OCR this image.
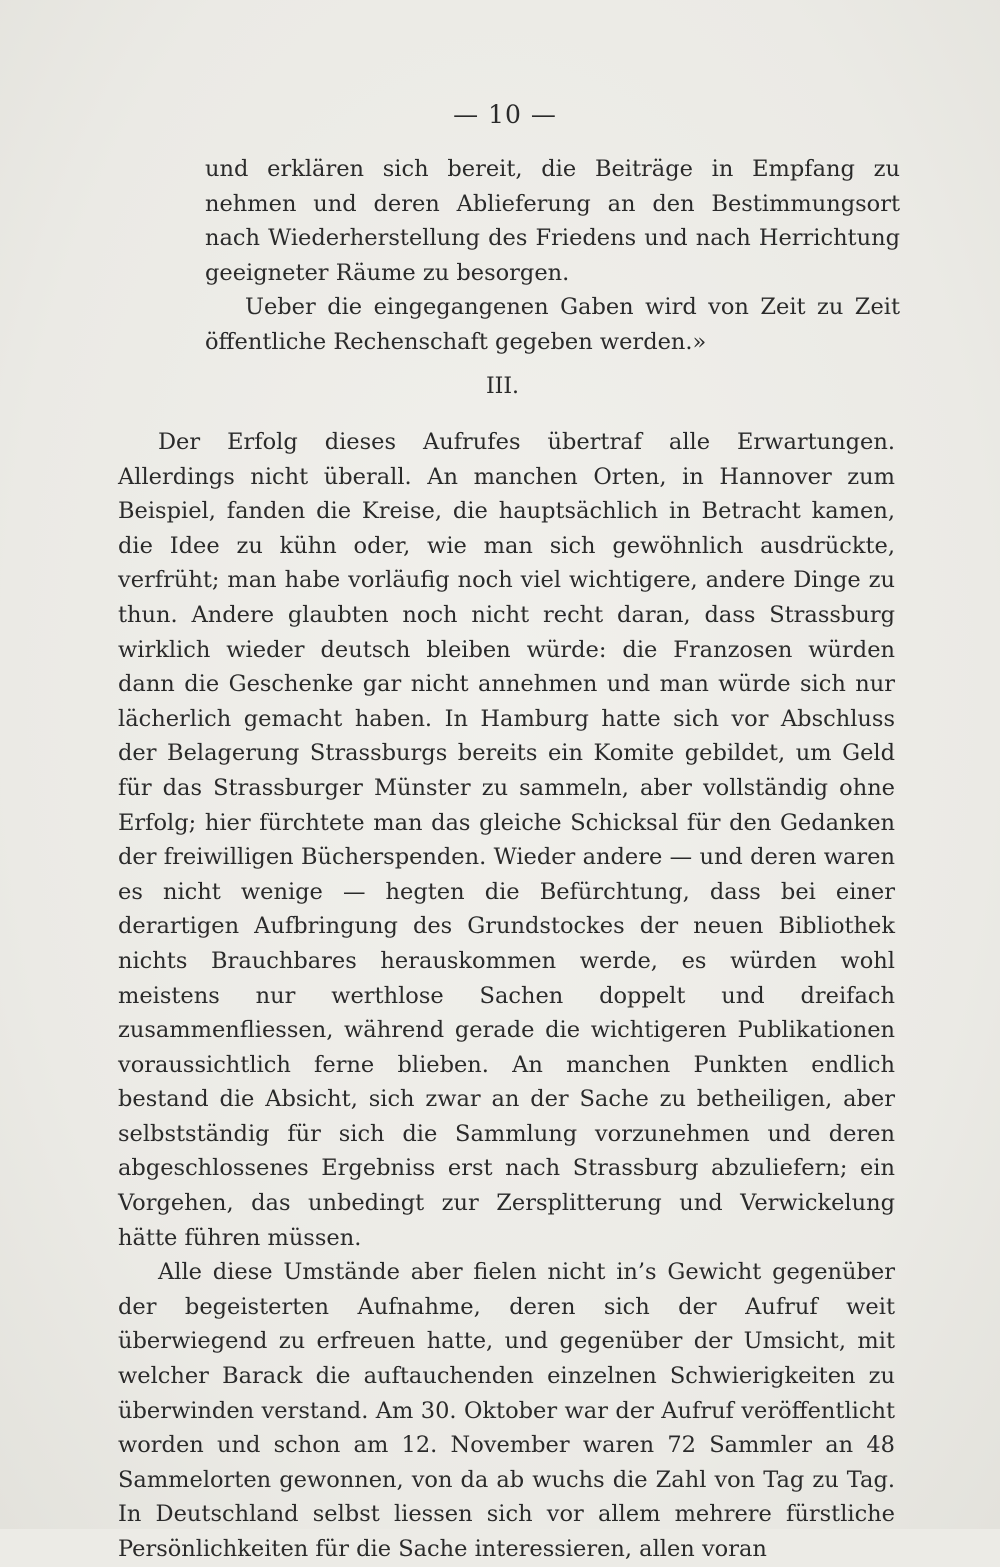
— 10 —

und erklären sich bereit, die Beiträge in Empfang zu nehmen und deren Ablieferung an den Bestimmungsort nach Wiederherstellung des Friedens und nach Herrichtung geeigneter Räume zu besorgen.

Ueber die eingegangenen Gaben wird von Zeit zu Zeit öffentliche Rechenschaft gegeben werden.»

III.

Der Erfolg dieses Aufrufes übertraf alle Erwartungen. Allerdings nicht überall. An manchen Orten, in Hannover zum Beispiel, fanden die Kreise, die hauptsächlich in Betracht kamen, die Idee zu kühn oder, wie man sich gewöhnlich ausdrückte, verfrüht; man habe vorläufig noch viel wichtigere, andere Dinge zu thun. Andere glaubten noch nicht recht daran, dass Strassburg wirklich wieder deutsch bleiben würde: die Franzosen würden dann die Geschenke gar nicht annehmen und man würde sich nur lächerlich gemacht haben. In Hamburg hatte sich vor Abschluss der Belagerung Strassburgs bereits ein Komite gebildet, um Geld für das Strassburger Münster zu sammeln, aber vollständig ohne Erfolg; hier fürchtete man das gleiche Schicksal für den Gedanken der freiwilligen Bücherspenden. Wieder andere — und deren waren es nicht wenige — hegten die Befürchtung, dass bei einer derartigen Aufbringung des Grundstockes der neuen Bibliothek nichts Brauchbares herauskommen werde, es würden wohl meistens nur werthlose Sachen doppelt und dreifach zusammenfliessen, während gerade die wichtigeren Publikationen voraussichtlich ferne blieben. An manchen Punkten endlich bestand die Absicht, sich zwar an der Sache zu betheiligen, aber selbstständig für sich die Sammlung vorzunehmen und deren abgeschlossenes Ergebniss erst nach Strassburg abzuliefern; ein Vorgehen, das unbedingt zur Zersplitterung und Verwickelung hätte führen müssen.

Alle diese Umstände aber fielen nicht in’s Gewicht gegenüber der begeisterten Aufnahme, deren sich der Aufruf weit überwiegend zu erfreuen hatte, und gegenüber der Umsicht, mit welcher Barack die auftauchenden einzelnen Schwierigkeiten zu überwinden verstand. Am 30. Oktober war der Aufruf veröffentlicht worden und schon am 12. November waren 72 Sammler an 48 Sammelorten gewonnen, von da ab wuchs die Zahl von Tag zu Tag. In Deutschland selbst liessen sich vor allem mehrere fürstliche Persönlichkeiten für die Sache interessieren, allen voran
